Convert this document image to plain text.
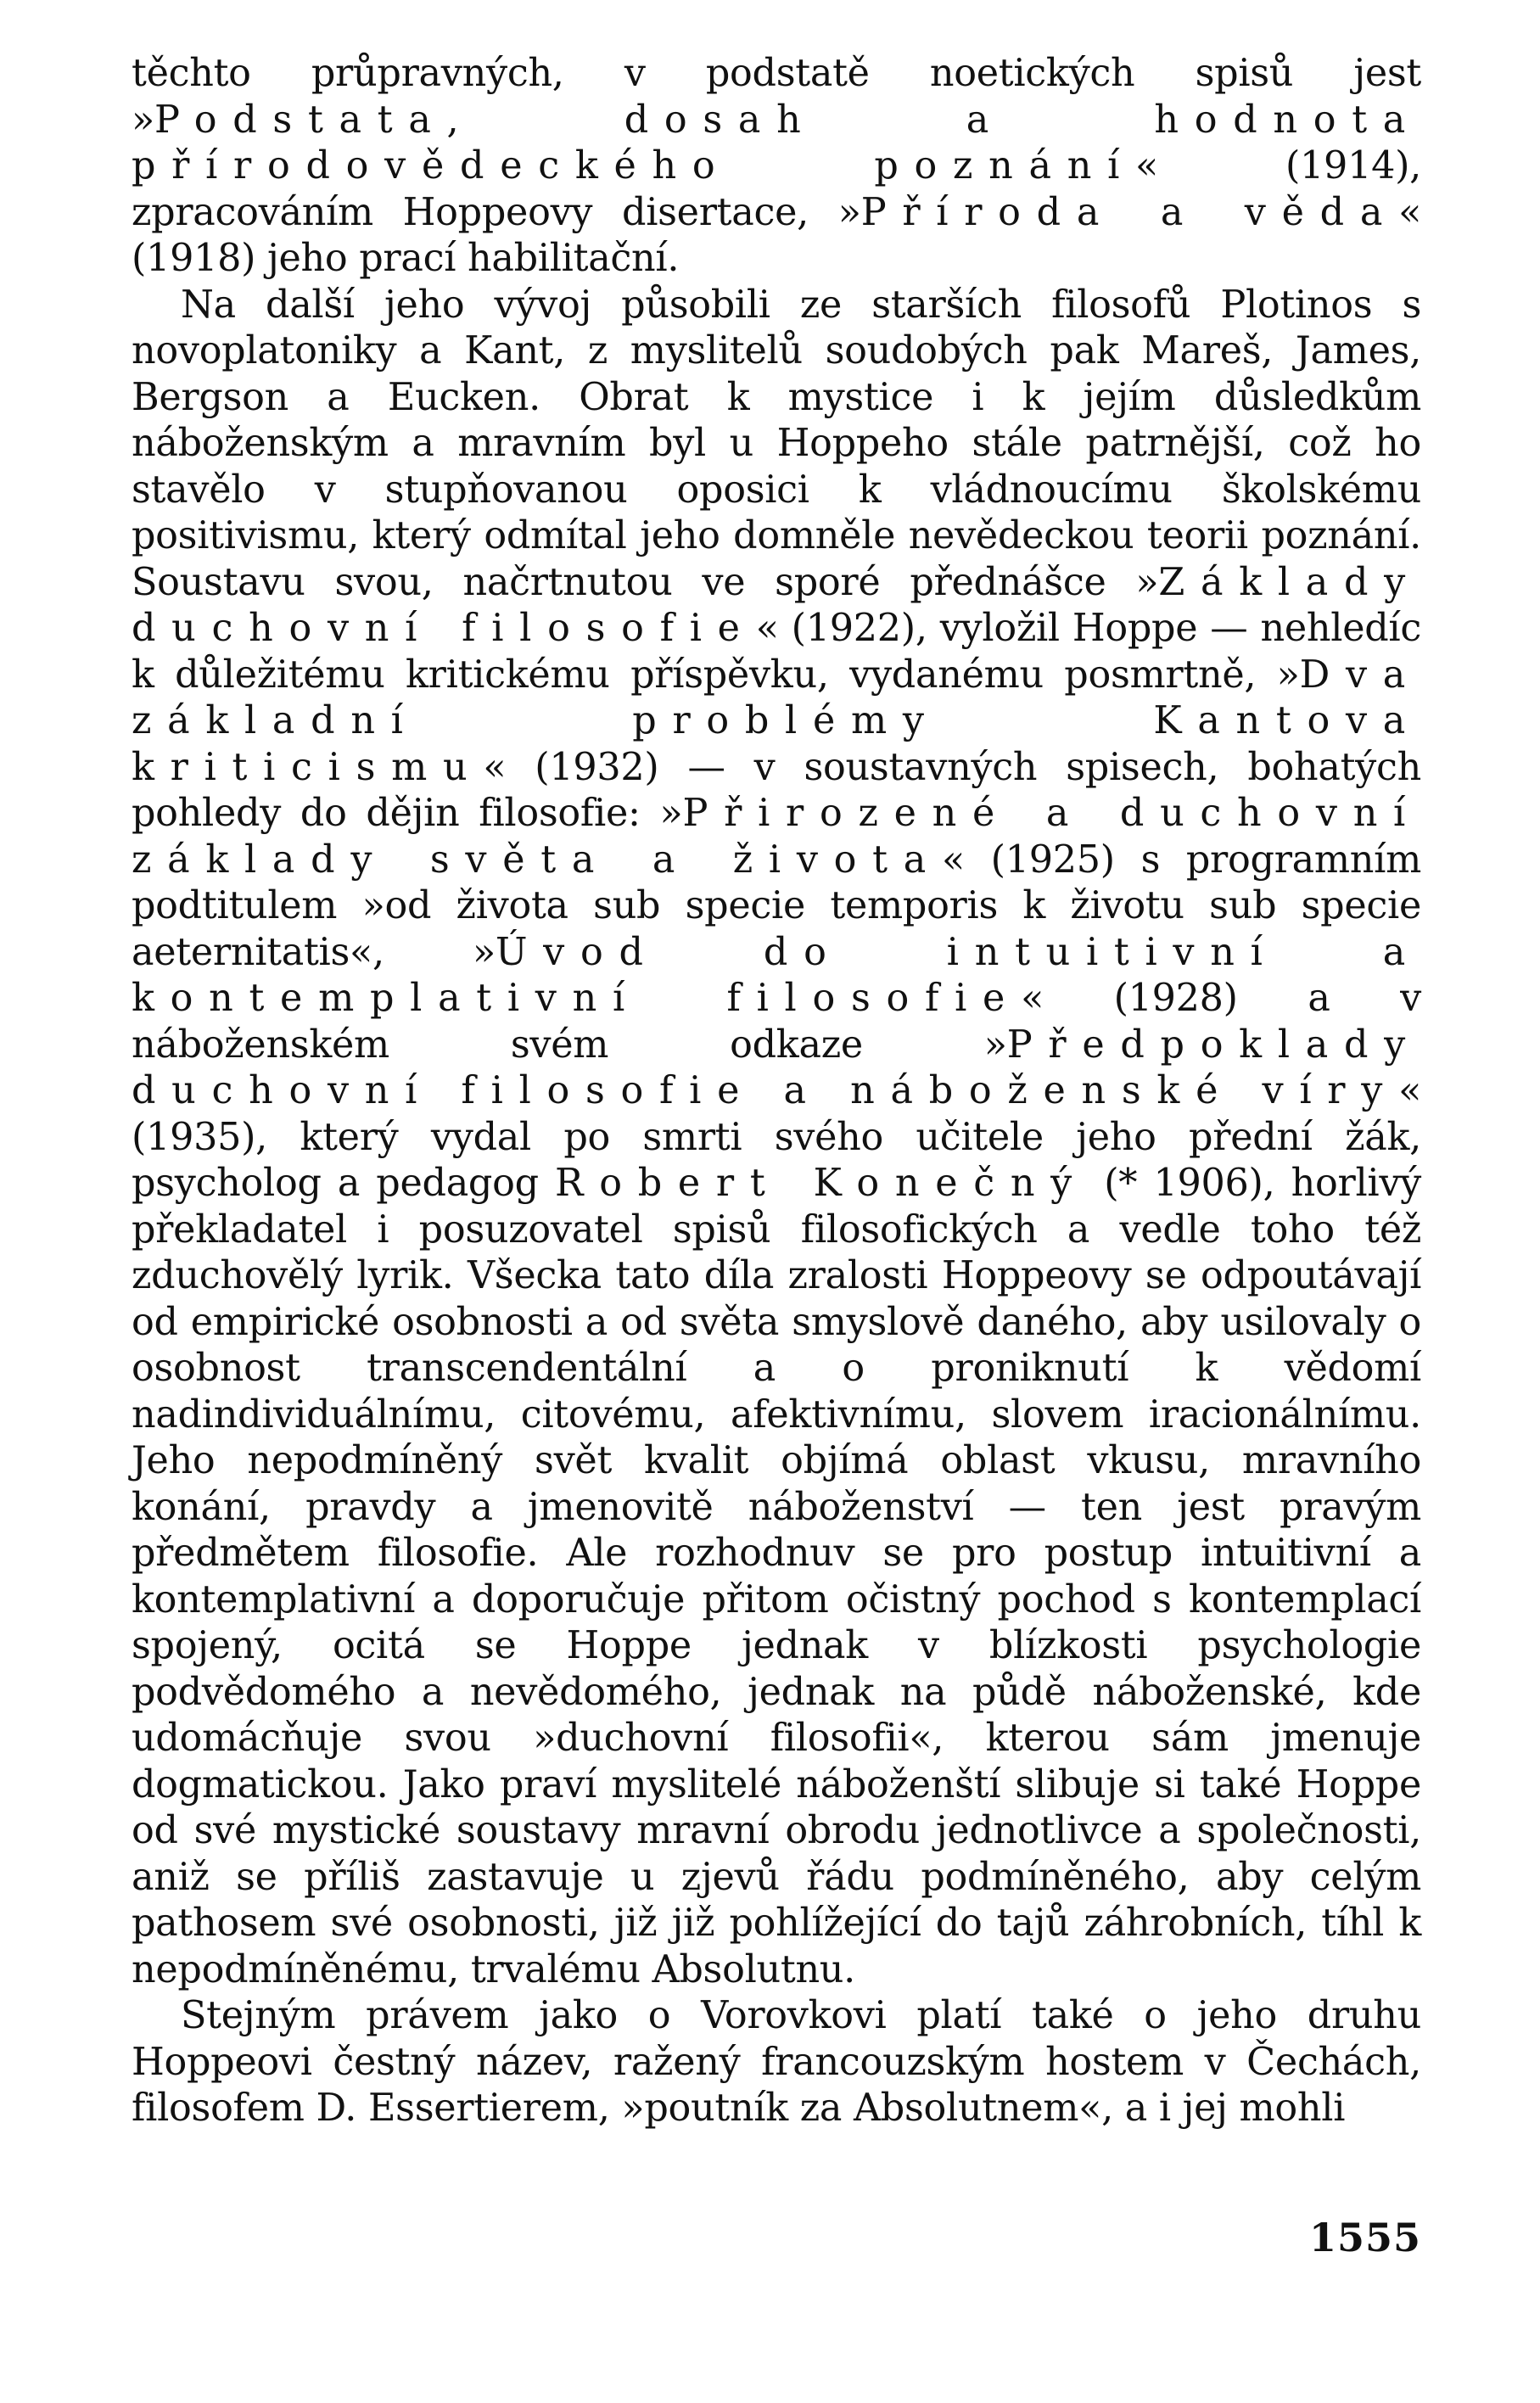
těchto průpravných, v podstatě noetických spisů jest »Podstata, dosah a hodnota přírodovědeckého poznání« (1914), zpracováním Hoppeovy disertace, »Příroda a věda« (1918) jeho prací habilitační.

Na další jeho vývoj působili ze starších filosofů Plotinos s novoplatoniky a Kant, z myslitelů soudobých pak Mareš, James, Bergson a Eucken. Obrat k mystice i k jejím důsledkům náboženským a mravním byl u Hoppeho stále patrnější, což ho stavělo v stupňovanou oposici k vládnoucímu školskému positivismu, který odmítal jeho domněle nevědeckou teorii poznání. Soustavu svou, načrtnutou ve sporé přednášce »Základy duchovní filosofie« (1922), vyložil Hoppe — nehledíc k důležitému kritickému příspěvku, vydanému posmrtně, »Dva základní problémy Kantova kriticismu« (1932) — v soustavných spisech, bohatých pohledy do dějin filosofie: »Přirozené a duchovní základy světa a života« (1925) s programním podtitulem »od života sub specie temporis k životu sub specie aeternitatis«, »Úvod do intuitivní a kontemplativní filosofie« (1928) a v náboženském svém odkaze »Předpoklady duchovní filosofie a náboženské víry« (1935), který vydal po smrti svého učitele jeho přední žák, psycholog a pedagog Robert Konečný (* 1906), horlivý překladatel i posuzovatel spisů filosofických a vedle toho též zduchovělý lyrik. Všecka tato díla zralosti Hoppeovy se odpoutávají od empirické osobnosti a od světa smyslově daného, aby usilovaly o osobnost transcendentální a o proniknutí k vědomí nadindividuálnímu, citovému, afektivnímu, slovem iracionálnímu. Jeho nepodmíněný svět kvalit objímá oblast vkusu, mravního konání, pravdy a jmenovitě náboženství — ten jest pravým předmětem filosofie. Ale rozhodnuv se pro postup intuitivní a kontemplativní a doporučuje přitom očistný pochod s kontemplací spojený, ocitá se Hoppe jednak v blízkosti psychologie podvědomého a nevědomého, jednak na půdě náboženské, kde udomácňuje svou »duchovní filosofii«, kterou sám jmenuje dogmatickou. Jako praví myslitelé náboženští slibuje si také Hoppe od své mystické soustavy mravní obrodu jednotlivce a společnosti, aniž se příliš zastavuje u zjevů řádu podmíněného, aby celým pathosem své osobnosti, již již pohlížející do tajů záhrobních, tíhl k nepodmíněnému, trvalému Absolutnu.

Stejným právem jako o Vorovkovi platí také o jeho druhu Hoppeovi čestný název, ražený francouzským hostem v Čechách, filosofem D. Essertierem, »poutník za Absolutnem«, a i jej mohli

1555
